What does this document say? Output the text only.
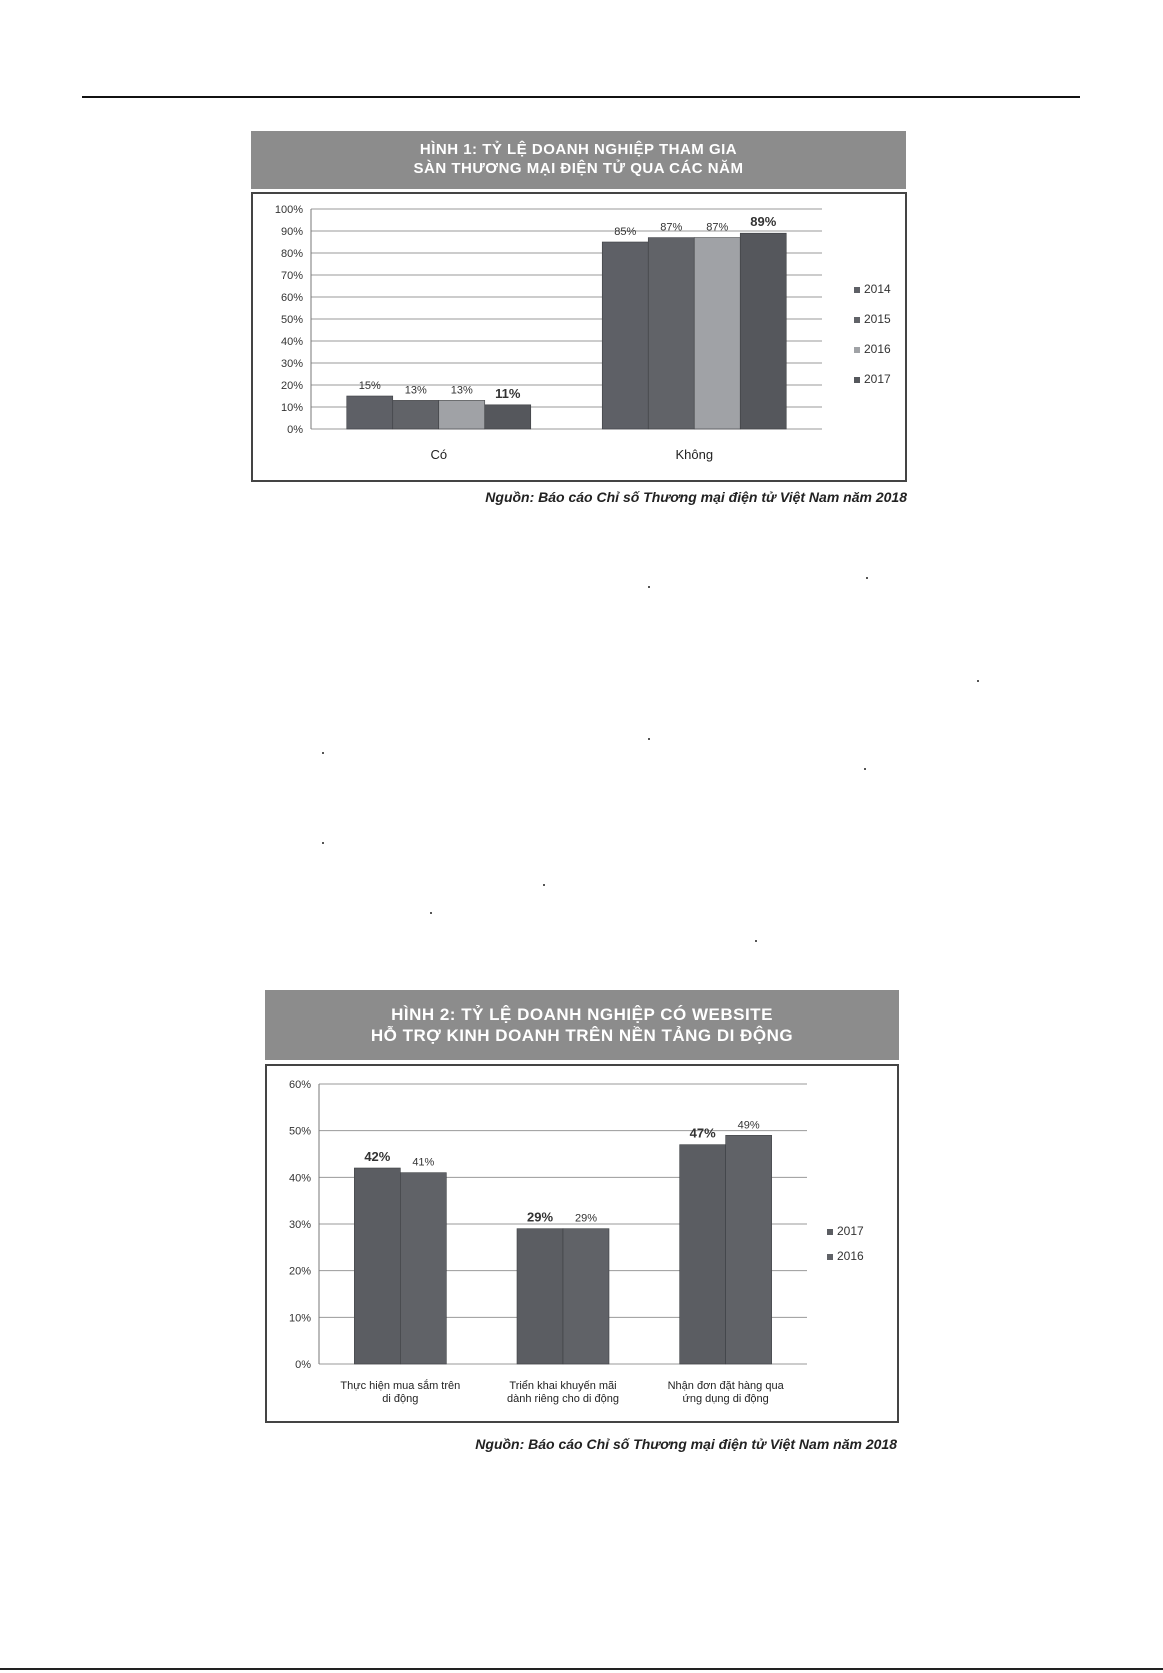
HÌNH 1: TỶ LỆ DOANH NGHIỆP THAM GIA
SÀN THƯƠNG MẠI ĐIỆN TỬ QUA CÁC NĂM
0%
10%
20%
30%
40%
50%
60%
70%
80%
90%
100%
15% 13% 13% 11%
Có
85% 87% 87% 89%
Không
2014
2015
2016
2017
Nguồn: Báo cáo Chỉ số Thương mại điện tử Việt Nam năm 2018
HÌNH 2: TỶ LỆ DOANH NGHIỆP CÓ WEBSITE
HỖ TRỢ KINH DOANH TRÊN NỀN TẢNG DI ĐỘNG
0%
10%
20%
30%
40%
50%
60%
42% 41%
Thực hiện mua sắm trên
di động
29% 29%
Triển khai khuyến mãi
dành riêng cho di động
47%
49%
Nhận đơn đặt hàng qua
ứng dụng di động
2017
2016
Nguồn: Báo cáo Chỉ số Thương mại điện tử Việt Nam năm 2018
